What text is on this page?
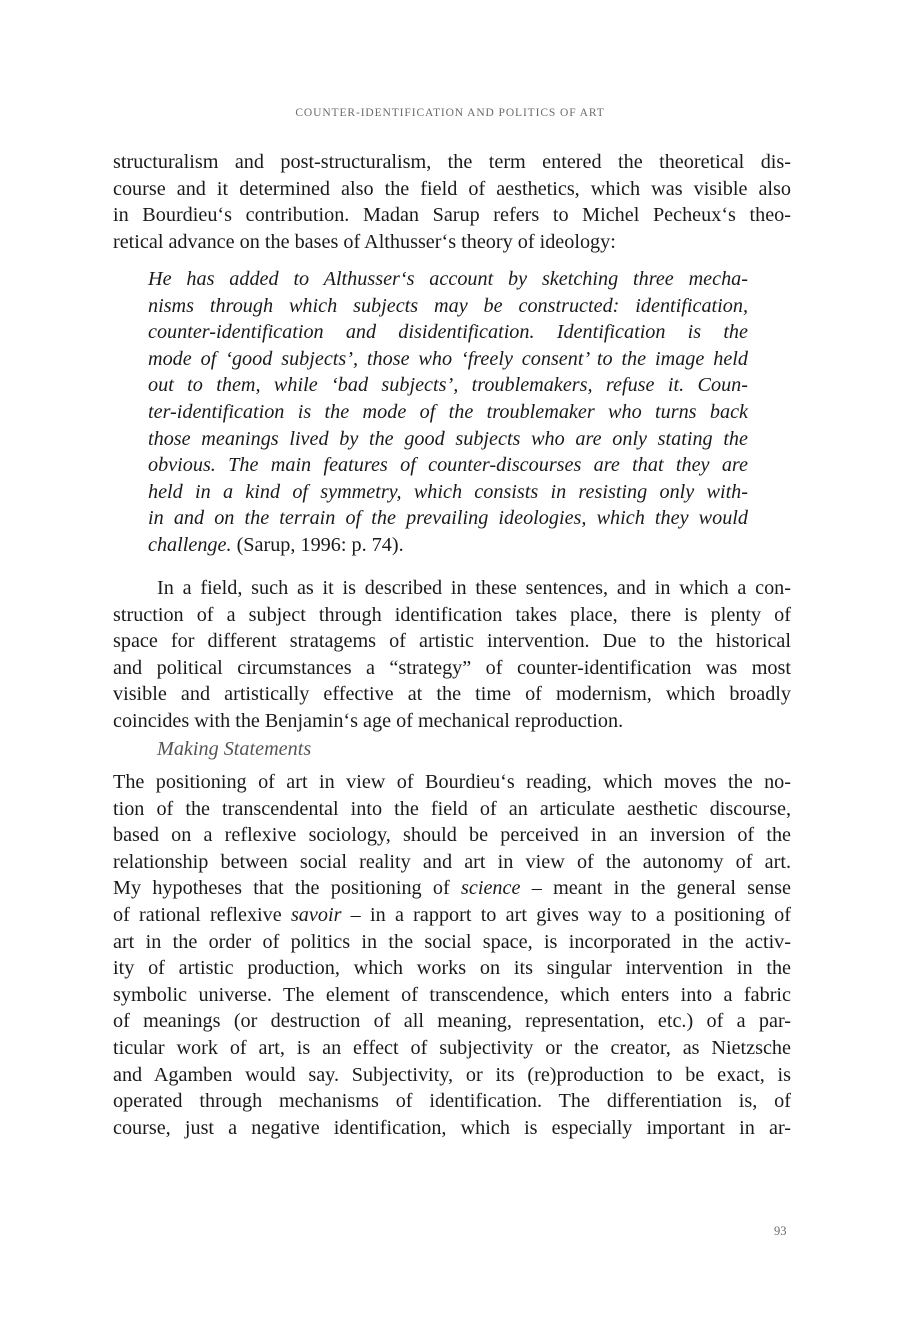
COUNTER-IDENTIFICATION AND POLITICS OF ART
structuralism and post-structuralism, the term entered the theoretical dis-
course and it determined also the field of aesthetics, which was visible also
in Bourdieu‘s contribution. Madan Sarup refers to Michel Pecheux‘s theo-
retical advance on the bases of Althusser‘s theory of ideology:
He has added to Althusser‘s account by sketching three mecha-
nisms through which subjects may be constructed: identification,
counter-identification and disidentification. Identification is the
mode of ‘good subjects’, those who ‘freely consent’ to the image held
out to them, while ‘bad subjects’, troublemakers, refuse it. Coun-
ter-identification is the mode of the troublemaker who turns back
those meanings lived by the good subjects who are only stating the
obvious. The main features of counter-discourses are that they are
held in a kind of symmetry, which consists in resisting only with-
in and on the terrain of the prevailing ideologies, which they would
challenge. (Sarup, 1996: p. 74).
In a field, such as it is described in these sentences, and in which a con-
struction of a subject through identification takes place, there is plenty of
space for different stratagems of artistic intervention. Due to the historical
and political circumstances a “strategy” of counter-identification was most
visible and artistically effective at the time of modernism, which broadly
coincides with the Benjamin‘s age of mechanical reproduction.
Making Statements
The positioning of art in view of Bourdieu‘s reading, which moves the no-
tion of the transcendental into the field of an articulate aesthetic discourse,
based on a reflexive sociology, should be perceived in an inversion of the
relationship between social reality and art in view of the autonomy of art.
My hypotheses that the positioning of science – meant in the general sense
of rational reflexive savoir – in a rapport to art gives way to a positioning of
art in the order of politics in the social space, is incorporated in the activ-
ity of artistic production, which works on its singular intervention in the
symbolic universe. The element of transcendence, which enters into a fabric
of meanings (or destruction of all meaning, representation, etc.) of a par-
ticular work of art, is an effect of subjectivity or the creator, as Nietzsche
and Agamben would say. Subjectivity, or its (re)production to be exact, is
operated through mechanisms of identification. The differentiation is, of
course, just a negative identification, which is especially important in ar-
93
